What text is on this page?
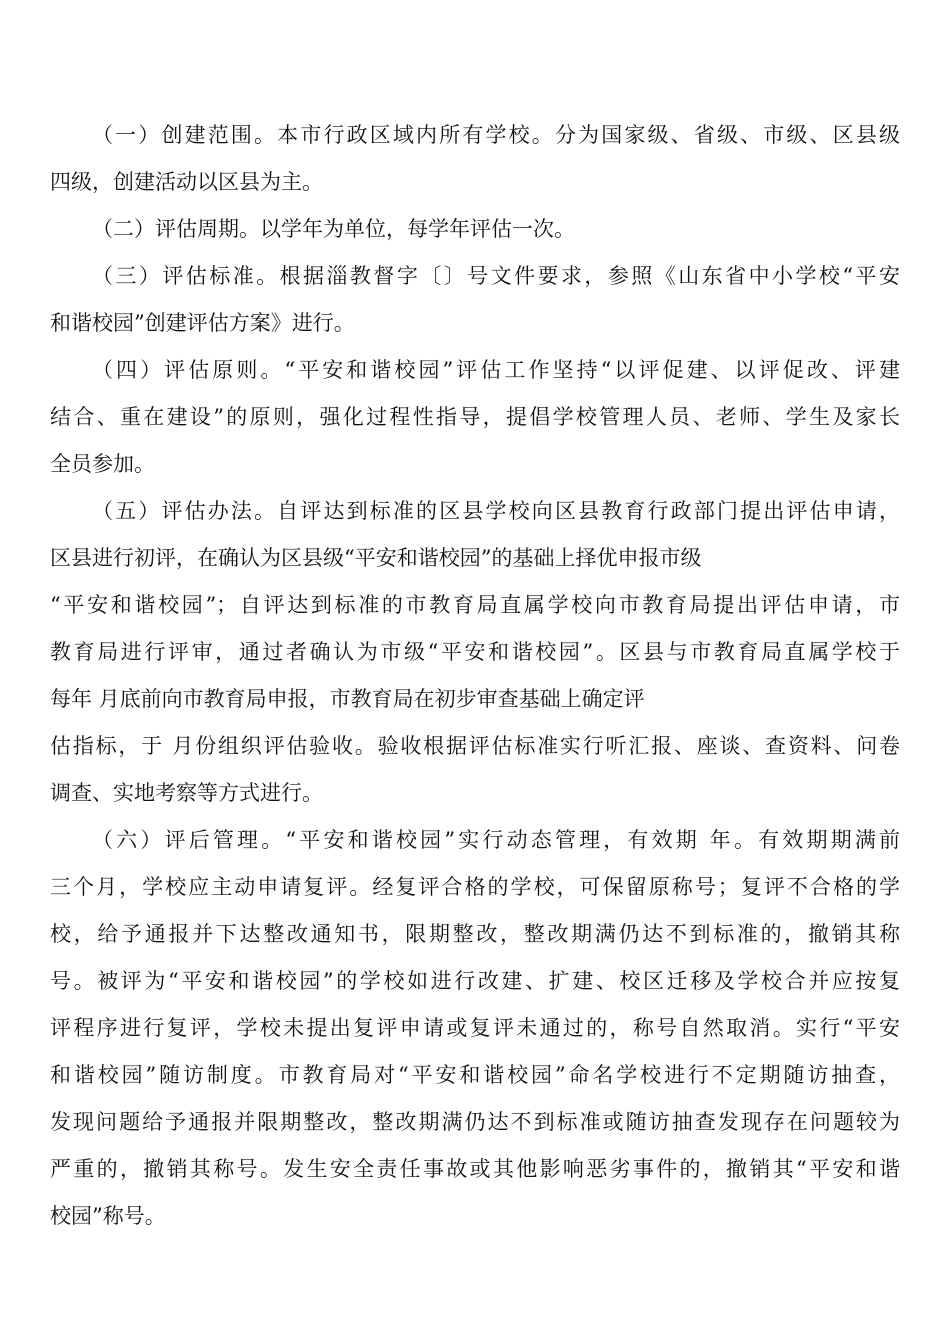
（一）创建范围。本市行政区域内所有学校。分为国家级、省级、市级、区县级
四级，创建活动以区县为主。

（二）评估周期。以学年为单位，每学年评估一次。

（三）评估标准。根据淄教督字〔〕号文件要求，参照《山东省中小学校“平安
和谐校园”创建评估方案》进行。

（四）评估原则。“平安和谐校园”评估工作坚持“以评促建、以评促改、评建
结合、重在建设”的原则，强化过程性指导，提倡学校管理人员、老师、学生及家长
全员参加。

（五）评估办法。自评达到标准的区县学校向区县教育行政部门提出评估申请，
区县进行初评，在确认为区县级“平安和谐校园”的基础上择优申报市级
“平安和谐校园”；自评达到标准的市教育局直属学校向市教育局提出评估申请，市
教育局进行评审，通过者确认为市级“平安和谐校园”。区县与市教育局直属学校于
每年 月底前向市教育局申报，市教育局在初步审查基础上确定评
估指标，于 月份组织评估验收。验收根据评估标准实行听汇报、座谈、查资料、问卷
调查、实地考察等方式进行。

（六）评后管理。“平安和谐校园”实行动态管理，有效期 年。有效期期满前
三个月，学校应主动申请复评。经复评合格的学校，可保留原称号；复评不合格的学
校，给予通报并下达整改通知书，限期整改，整改期满仍达不到标准的，撤销其称
号。被评为“平安和谐校园”的学校如进行改建、扩建、校区迁移及学校合并应按复
评程序进行复评，学校未提出复评申请或复评未通过的，称号自然取消。实行“平安
和谐校园”随访制度。市教育局对“平安和谐校园”命名学校进行不定期随访抽查，
发现问题给予通报并限期整改，整改期满仍达不到标准或随访抽查发现存在问题较为
严重的，撤销其称号。发生安全责任事故或其他影响恶劣事件的，撤销其“平安和谐
校园”称号。
